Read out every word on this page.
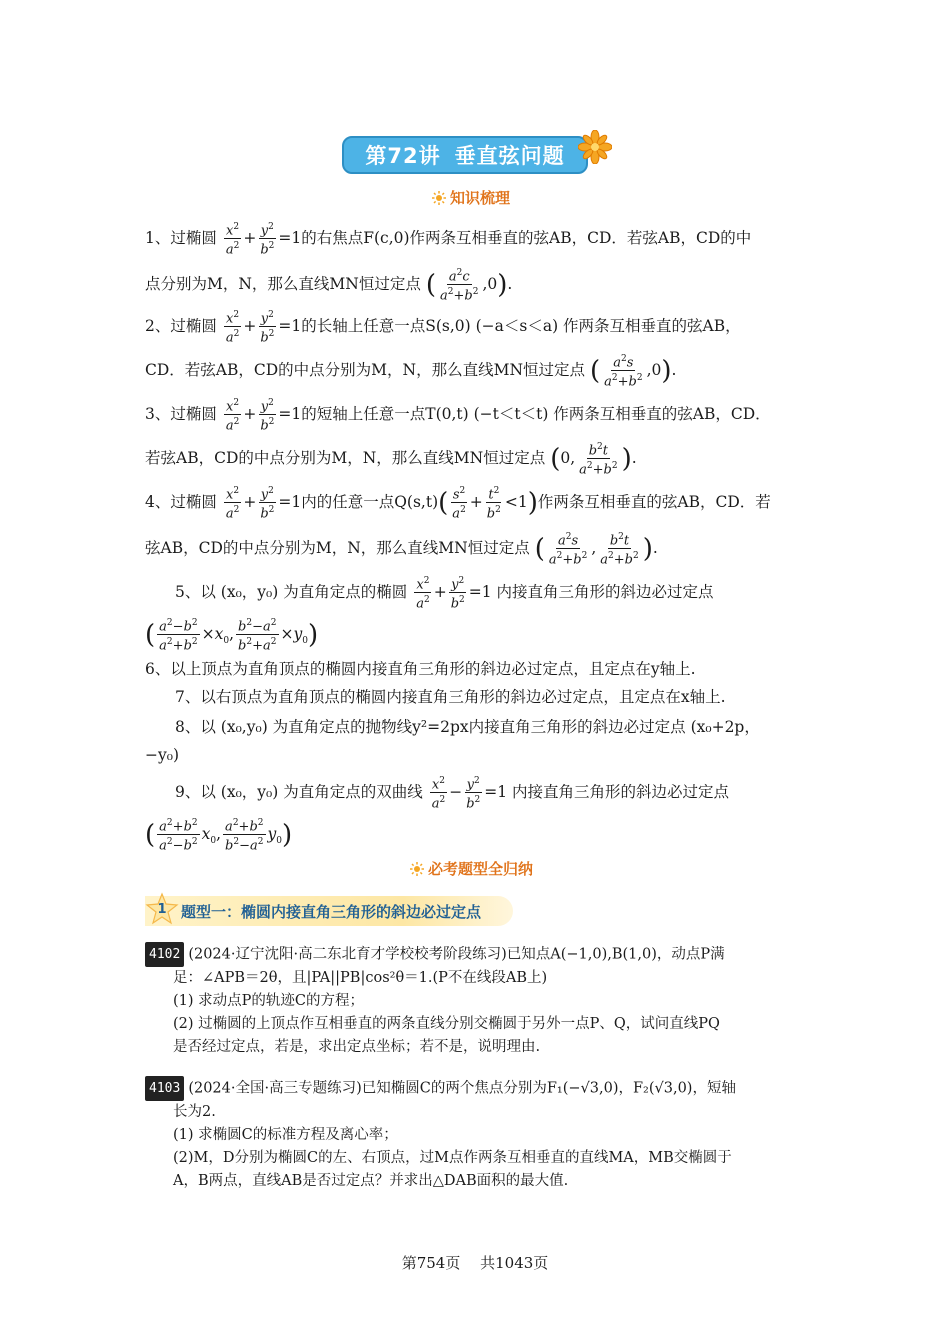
第72讲 垂直弦问题
知识梳理
1、过椭圆 $\frac{x^2}{a^2} + \frac{y^2}{b^2} =1$的右焦点F(c,0)作两条互相垂直的弦AB，CD．若弦AB，CD的中
点分别为M，N，那么直线MN恒过定点 ( $\frac{a^2c}{a^2+b^2} ,0$).
2、过椭圆 $\frac{x^2}{a^2} + \frac{y^2}{b^2} =1$的长轴上任意一点S(s,0) (−a＜s＜a) 作两条互相垂直的弦AB，
CD．若弦AB，CD的中点分别为M，N，那么直线MN恒过定点 ( $\frac{a^2s}{a^2+b^2} ,0$).
3、过椭圆 $\frac{x^2}{a^2} + \frac{y^2}{b^2} =1$的短轴上任意一点T(0,t) (−t＜t＜t) 作两条互相垂直的弦AB，CD．
若弦AB，CD的中点分别为M，N，那么直线MN恒过定点 (0, $\frac{b^2t}{a^2+b^2}$ ).
4、过椭圆 $\frac{x^2}{a^2} + \frac{y^2}{b^2} =1$内的任意一点$Q(s,t)( \frac{s^2}{a^2} + \frac{t^2}{b^2} <1)$作两条互相垂直的弦AB，CD．若
弦AB，CD的中点分别为M，N，那么直线MN恒过定点 ( $\frac{a^2s}{a^2+b^2}$ , $\frac{b^2t}{a^2+b^2}$ ).
5、以 (x₀，y₀) 为直角定点的椭圆 $\frac{x^2}{a^2} + \frac{y^2}{b^2} =1$ 内接直角三角形的斜边必过定点
( $\frac{a^2-b^2}{a^2+b^2} \times x_0$, $\frac{b^2-a^2}{b^2+a^2} \times y_0$)
6、以上顶点为直角顶点的椭圆内接直角三角形的斜边必过定点，且定点在y轴上.
7、以右顶点为直角顶点的椭圆内接直角三角形的斜边必过定点，且定点在x轴上.
8、以 (x₀,y₀) 为直角定点的抛物线y²=2px内接直角三角形的斜边必过定点 (x₀+2p，
−y₀)
9、以 (x₀，y₀) 为直角定点的双曲线 $\frac{x^2}{a^2} - \frac{y^2}{b^2} =1$ 内接直角三角形的斜边必过定点
( $\frac{a^2+b^2}{a^2-b^2} x_0$, $\frac{a^2+b^2}{b^2-a^2} y_0$)
必考题型全归纳
题型一：椭圆内接直角三角形的斜边必过定点
1
4102 (2024·辽宁沈阳·高二东北育才学校校考阶段练习)已知点A(−1,0),B(1,0)，动点P满
足：∠APB＝2θ，且|PA||PB|cos²θ＝1.(P不在线段AB上)
(1) 求动点P的轨迹C的方程；
(2) 过椭圆的上顶点作互相垂直的两条直线分别交椭圆于另外一点P、Q，试问直线PQ
是否经过定点，若是，求出定点坐标；若不是，说明理由.
4103 (2024·全国·高三专题练习)已知椭圆C的两个焦点分别为F₁(−√3,0)，F₂(√3,0)，短轴
长为2.
(1) 求椭圆C的标准方程及离心率；
(2)M，D分别为椭圆C的左、右顶点，过M点作两条互相垂直的直线MA，MB交椭圆于
A，B两点，直线AB是否过定点？并求出△DAB面积的最大值.
第754页　 共1043页
